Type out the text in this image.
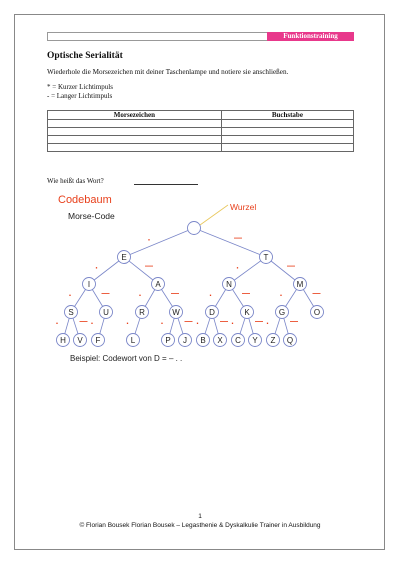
Funktionstraining
Optische Serialität
Wiederhole die Morsezeichen mit deiner Taschenlampe und notiere sie anschließen.
* = Kurzer Lichtimpuls
- = Langer Lichtimpuls
Morsezeichen	Buchstabe

Wie heißt das Wort?
Codebaum
Morse-Code
Wurzel
.	—
.	—	.	—
.	—	.	—	.	—	.	—
.	— .	.	.	— .	— .	— .	—
E	T
I	A	N	M
S	U	R	W	D	K	G	O
H V F	L	P J B X C Y Z Q
Beispiel: Codewort von D = – . .
1
© Florian Bousek Florian Bousek – Legasthenie & Dyskalkulie Trainer in Ausbildung
